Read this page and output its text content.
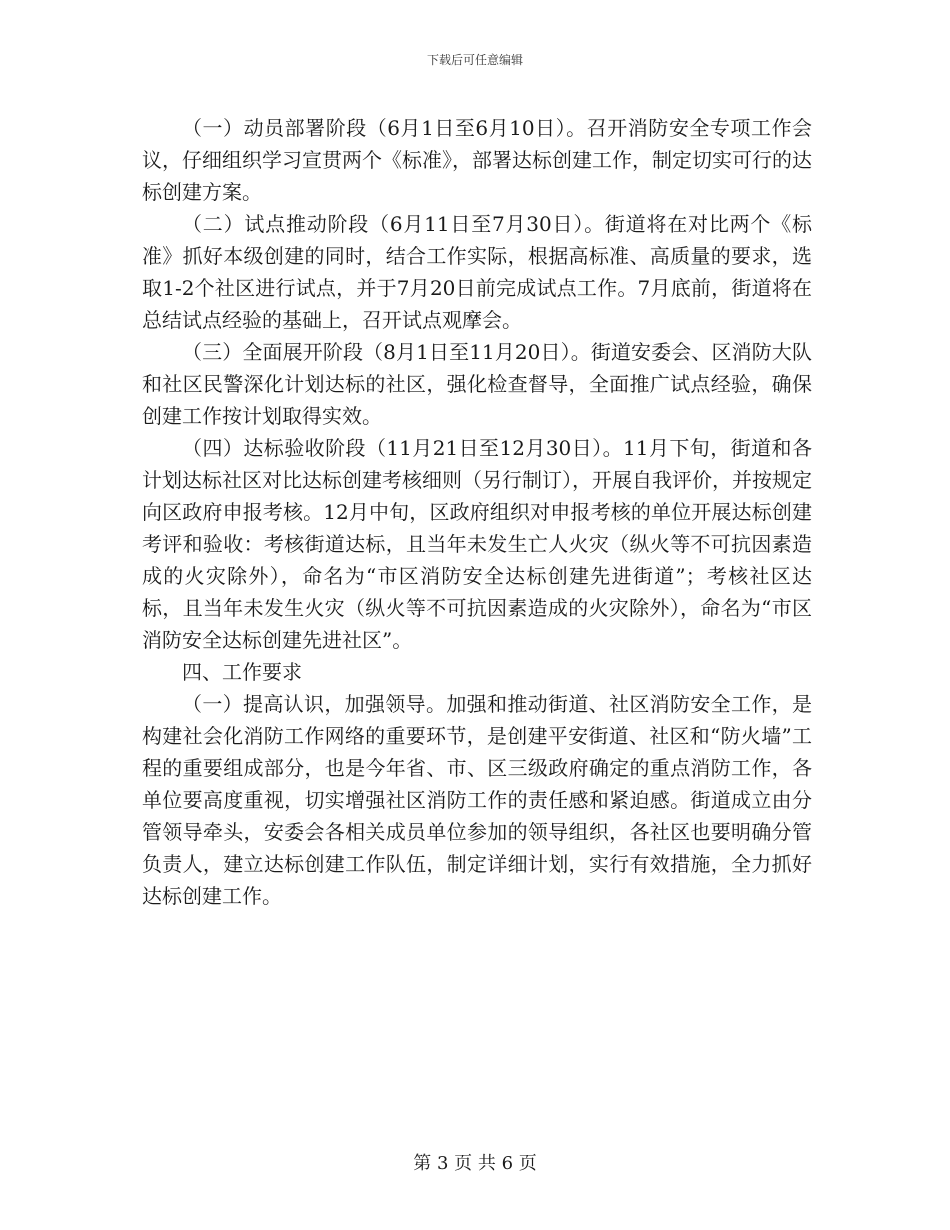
下载后可任意编辑

（一）动员部署阶段（6月1日至6月10日）。召开消防安全专项工作会议，仔细组织学习宣贯两个《标准》，部署达标创建工作，制定切实可行的达标创建方案。

（二）试点推动阶段（6月11日至7月30日）。街道将在对比两个《标准》抓好本级创建的同时，结合工作实际，根据高标准、高质量的要求，选取1-2个社区进行试点，并于7月20日前完成试点工作。7月底前，街道将在总结试点经验的基础上，召开试点观摩会。

（三）全面展开阶段（8月1日至11月20日）。街道安委会、区消防大队和社区民警深化计划达标的社区，强化检查督导，全面推广试点经验，确保创建工作按计划取得实效。

（四）达标验收阶段（11月21日至12月30日）。11月下旬，街道和各计划达标社区对比达标创建考核细则（另行制订），开展自我评价，并按规定向区政府申报考核。12月中旬，区政府组织对申报考核的单位开展达标创建考评和验收：考核街道达标，且当年未发生亡人火灾（纵火等不可抗因素造成的火灾除外），命名为“市区消防安全达标创建先进街道”；考核社区达标，且当年未发生火灾（纵火等不可抗因素造成的火灾除外），命名为“市区消防安全达标创建先进社区”。

四、工作要求

（一）提高认识，加强领导。加强和推动街道、社区消防安全工作，是构建社会化消防工作网络的重要环节，是创建平安街道、社区和“防火墙”工程的重要组成部分，也是今年省、市、区三级政府确定的重点消防工作，各单位要高度重视，切实增强社区消防工作的责任感和紧迫感。街道成立由分管领导牵头，安委会各相关成员单位参加的领导组织，各社区也要明确分管负责人，建立达标创建工作队伍，制定详细计划，实行有效措施，全力抓好达标创建工作。

第 3 页 共 6 页
